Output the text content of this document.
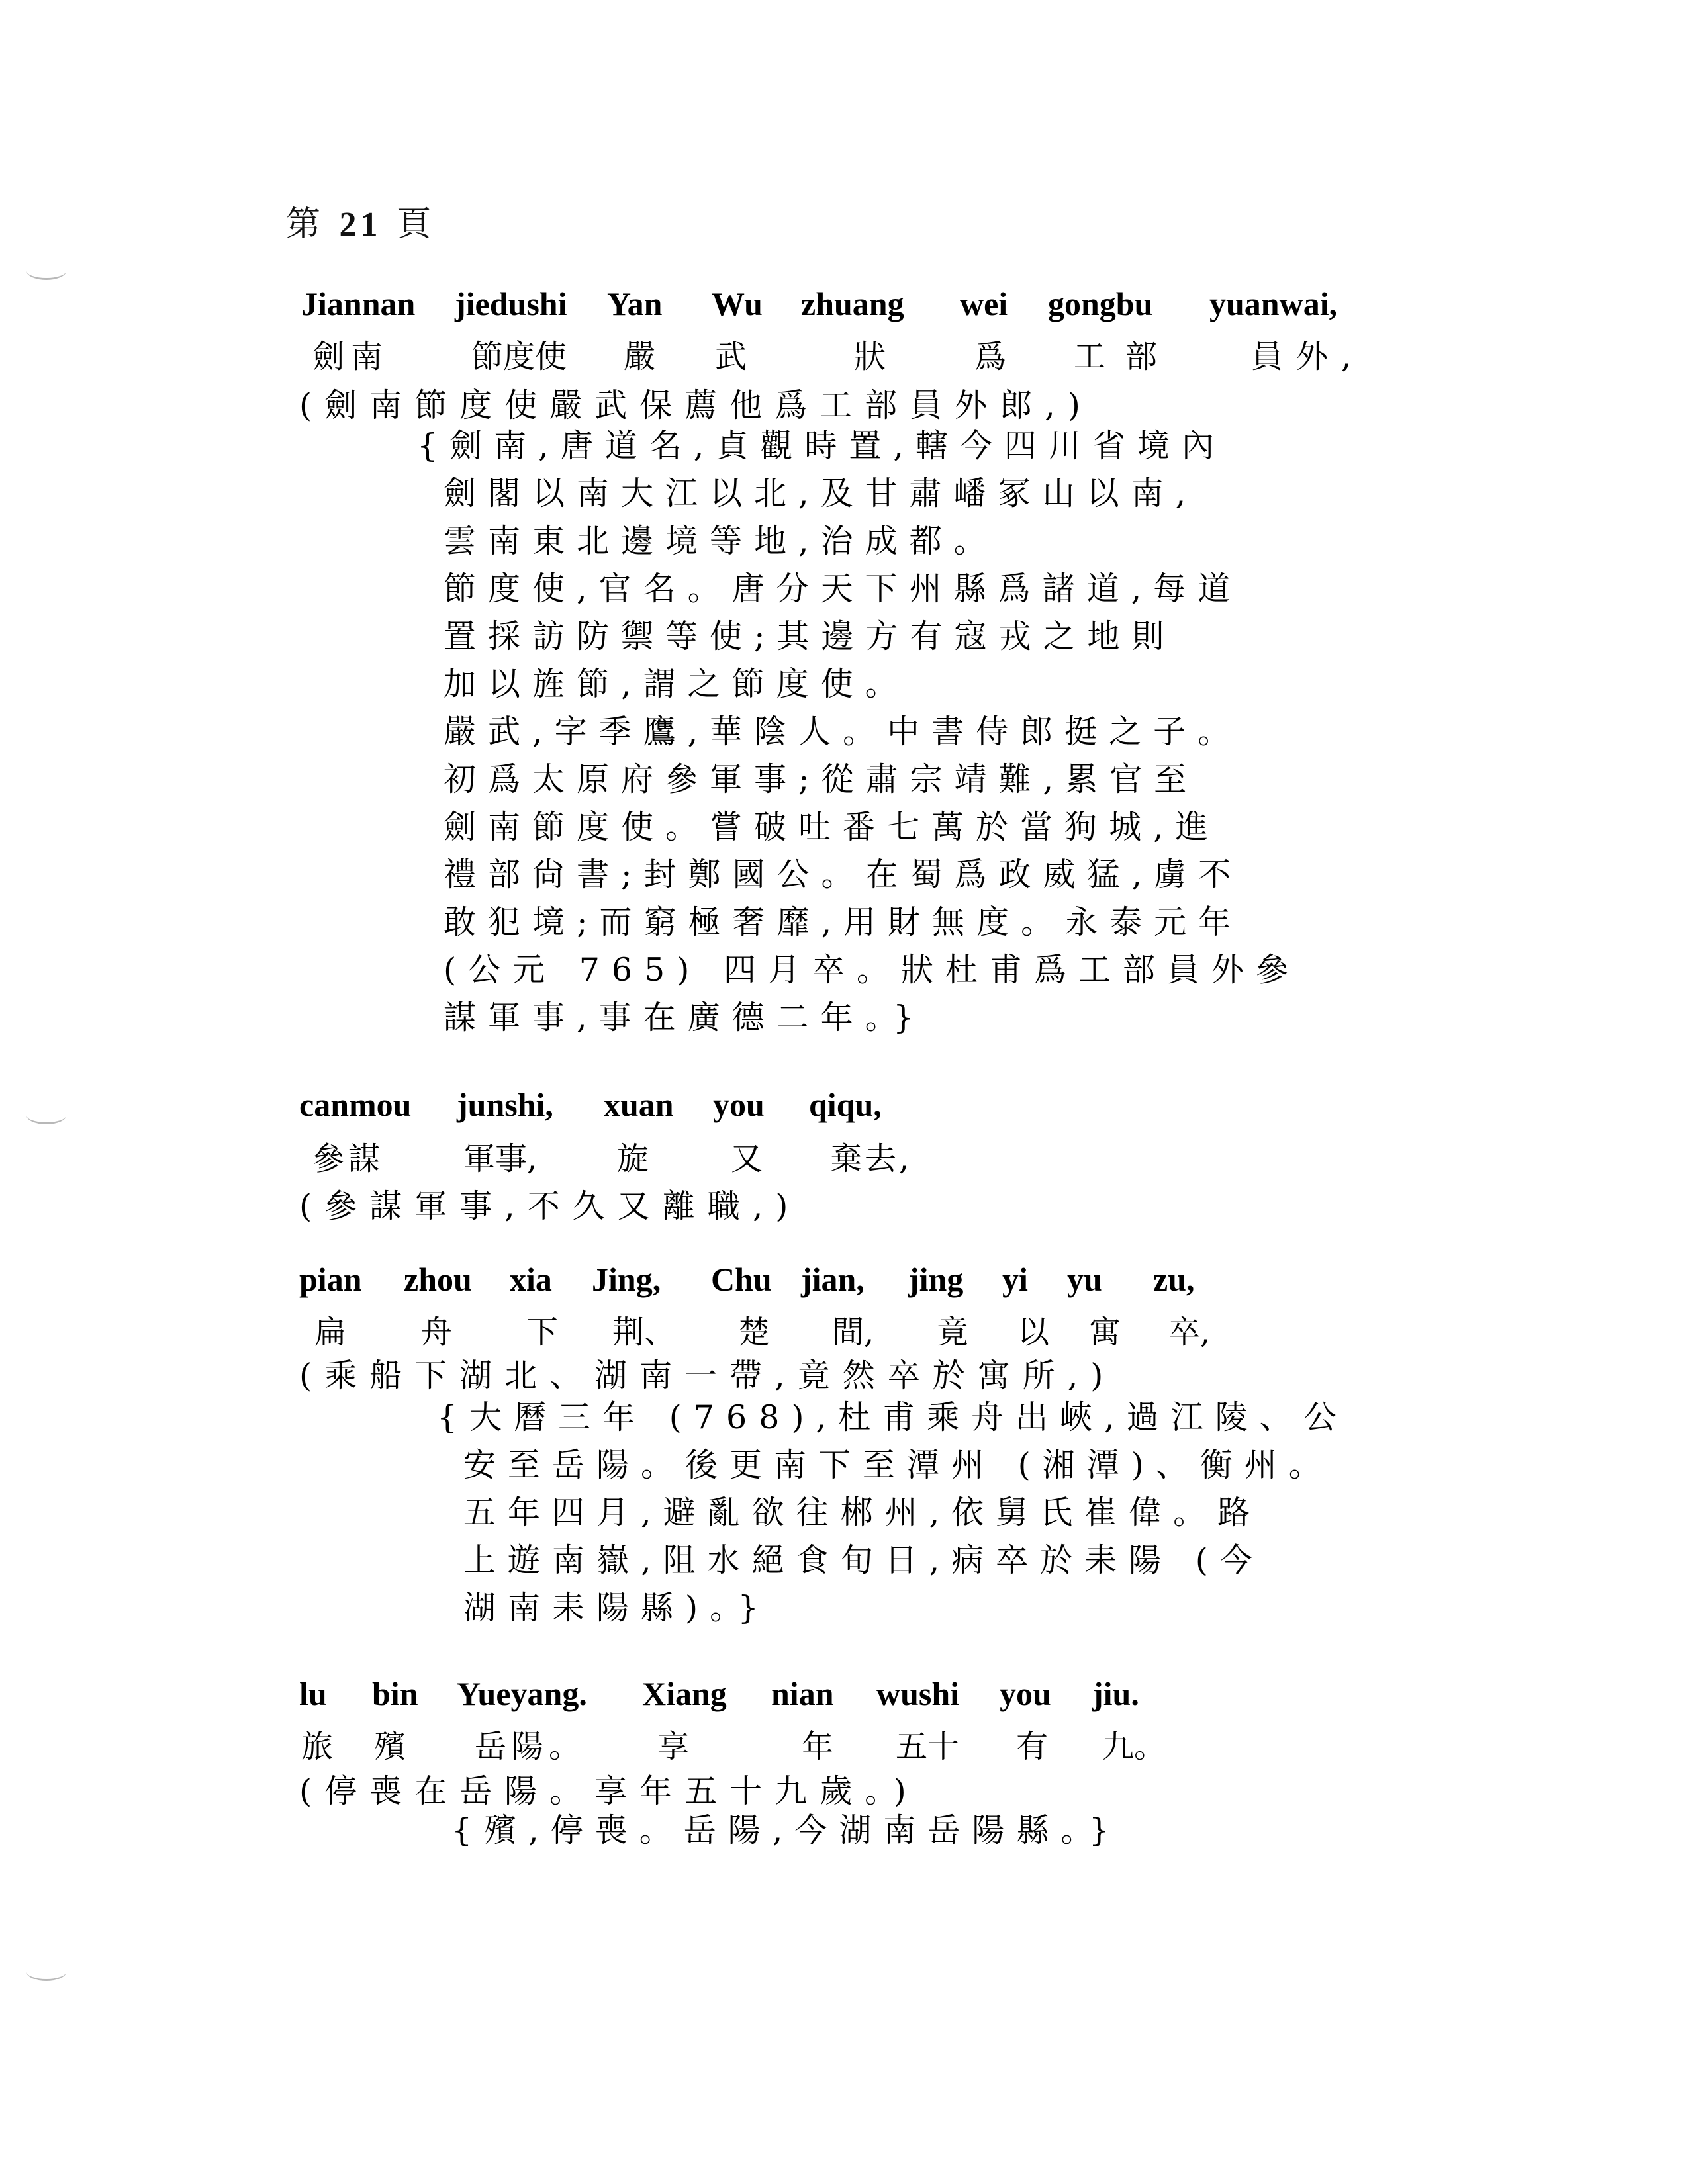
第 21 頁
Jiannan jiedushi Yan Wu zhuang wei gongbu yuanwai,
劍南	節度使 嚴 武	狀	爲 工部 員外,
(劍南節度使嚴武保薦他爲工部員外郎,)
{劍南,唐道名,貞觀時置,轄今四川省境內
劍閣以南大江以北,及甘肅嶓冢山以南,
雲南東北邊境等地,治成都。
節度使,官名。唐分天下州縣爲諸道,每道
置採訪防禦等使;其邊方有寇戎之地則
加以旌節,謂之節度使。
嚴武,字季鷹,華陰人。中書侍郎挺之子。
初爲太原府參軍事;從肅宗靖難,累官至
劍南節度使。嘗破吐番七萬於當狗城,進
禮部尙書;封鄭國公。在蜀爲政威猛,虜不
敢犯境;而窮極奢靡,用財無度。永泰元年
(公元 765) 四月卒。狀杜甫爲工部員外參
謀軍事,事在廣德二年。}
canmou junshi, xuan you qiqu,
參謀 軍事,	旋	又 棄去,
(參謀軍事,不久又離職,)
pian zhou xia Jing, Chu jian, jing yi yu zu,
扁 舟 下 荆、 楚 間, 竟 以 寓 卒,
(乘船下湖北、湖南一帶,竟然卒於寓所,)
{大曆三年 (768),杜甫乘舟出峽,過江陵、公
安至岳陽。後更南下至潭州 (湘潭)、衡州。
五年四月,避亂欲往郴州,依舅氏崔偉。路
上遊南嶽,阻水絕食旬日,病卒於耒陽 (今
湖南耒陽縣)。}
lu bin Yueyang. Xiang nian wushi you jiu.
旅 殯 岳陽。 享	年 五十 有 九。
(停喪在岳陽。享年五十九歲。)
{殯,停喪。岳陽,今湖南岳陽縣。}
